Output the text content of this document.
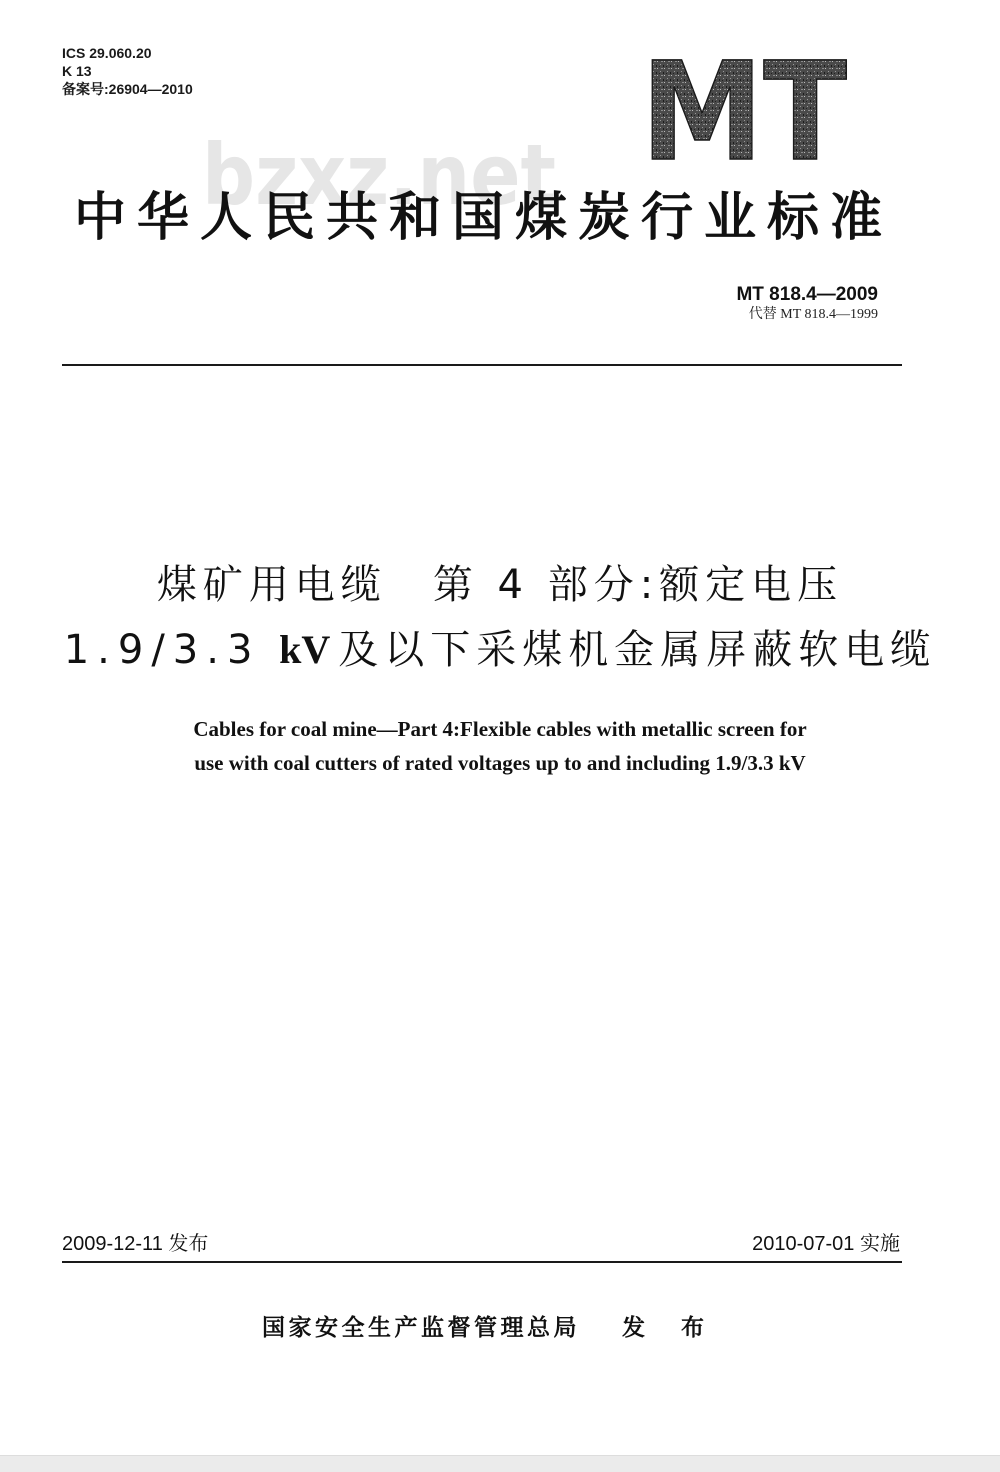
ICS 29.060.20
K 13
备案号:26904—2010	MT
bzxz.net
中华人民共和国煤炭行业标准
MT 818.4—2009
代替 MT 818.4—1999
煤矿用电缆 第 4 部分:额定电压
1.9/3.3 kV 及以下采煤机金属屏蔽软电缆
Cables for coal mine—Part 4:Flexible cables with metallic screen for
use with coal cutters of rated voltages up to and including 1.9/3.3 kV
2009-12-11 发布	2010-07-01 实施
国家安全生产监督管理总局 发 布
